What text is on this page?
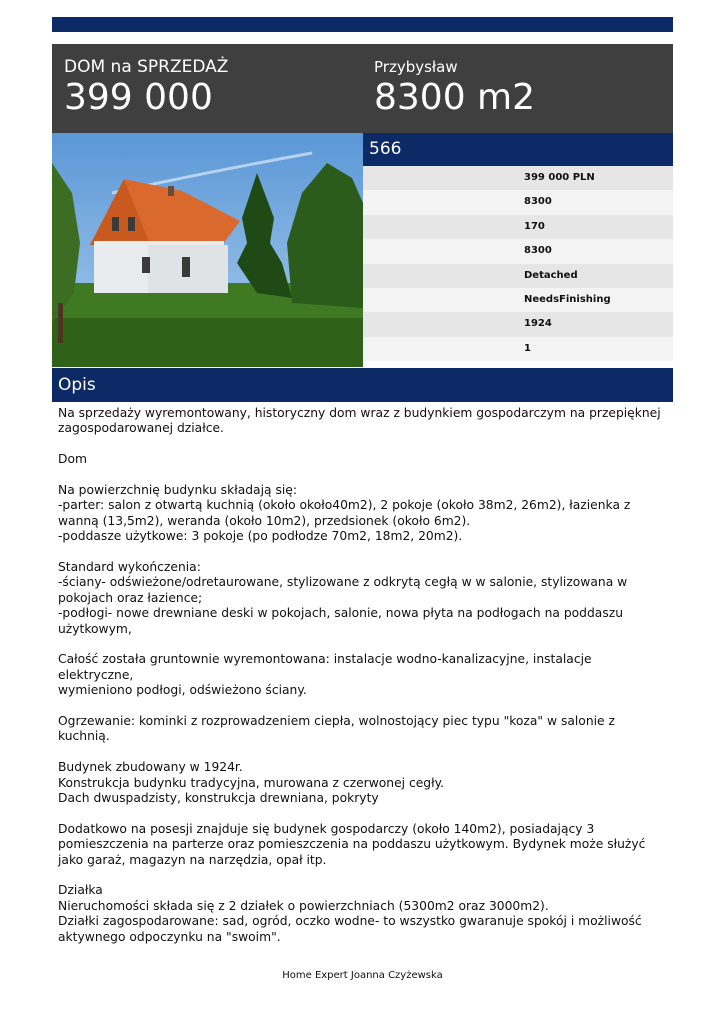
DOM na SPRZEDAŻ
399 000
Przybysław
8300 m2
566
399 000 PLN
8300
170
8300
Detached
NeedsFinishing
1924
1
Opis

Na sprzedaży wyremontowany, historyczny dom wraz z budynkiem gospodarczym na przepięknej
zagospodarowanej działce.

Dom

Na powierzchnię budynku składają się:
-parter: salon z otwartą kuchnią (około około40m2), 2 pokoje (około 38m2, 26m2), łazienka z
wanną (13,5m2), weranda (około 10m2), przedsionek (około 6m2).
-poddasze użytkowe: 3 pokoje (po podłodze 70m2, 18m2, 20m2).

Standard wykończenia:
-ściany- odświeżone/odretaurowane, stylizowane z odkrytą cegłą w w salonie, stylizowana w
pokojach oraz łazience;
-podłogi- nowe drewniane deski w pokojach, salonie, nowa płyta na podłogach na poddaszu
użytkowym,

Całość została gruntownie wyremontowana: instalacje wodno-kanalizacyjne, instalacje elektryczne,
wymieniono podłogi, odświeżono ściany.

Ogrzewanie: kominki z rozprowadzeniem ciepła, wolnostojący piec typu "koza" w salonie z kuchnią.

Budynek zbudowany w 1924r.
Konstrukcja budynku tradycyjna, murowana z czerwonej cegły.
Dach dwuspadzisty, konstrukcja drewniana, pokryty

Dodatkowo na posesji znajduje się budynek gospodarczy (około 140m2), posiadający 3
pomieszczenia na parterze oraz pomieszczenia na poddaszu użytkowym. Bydynek może służyć
jako garaż, magazyn na narzędzia, opał itp.

Działka
Nieruchomości składa się z 2 działek o powierzchniach (5300m2 oraz 3000m2).
Działki zagospodarowane: sad, ogród, oczko wodne- to wszystko gwaranuje spokój i możliwość
aktywnego odpoczynku na "swoim".

Home Expert Joanna Czyżewska
